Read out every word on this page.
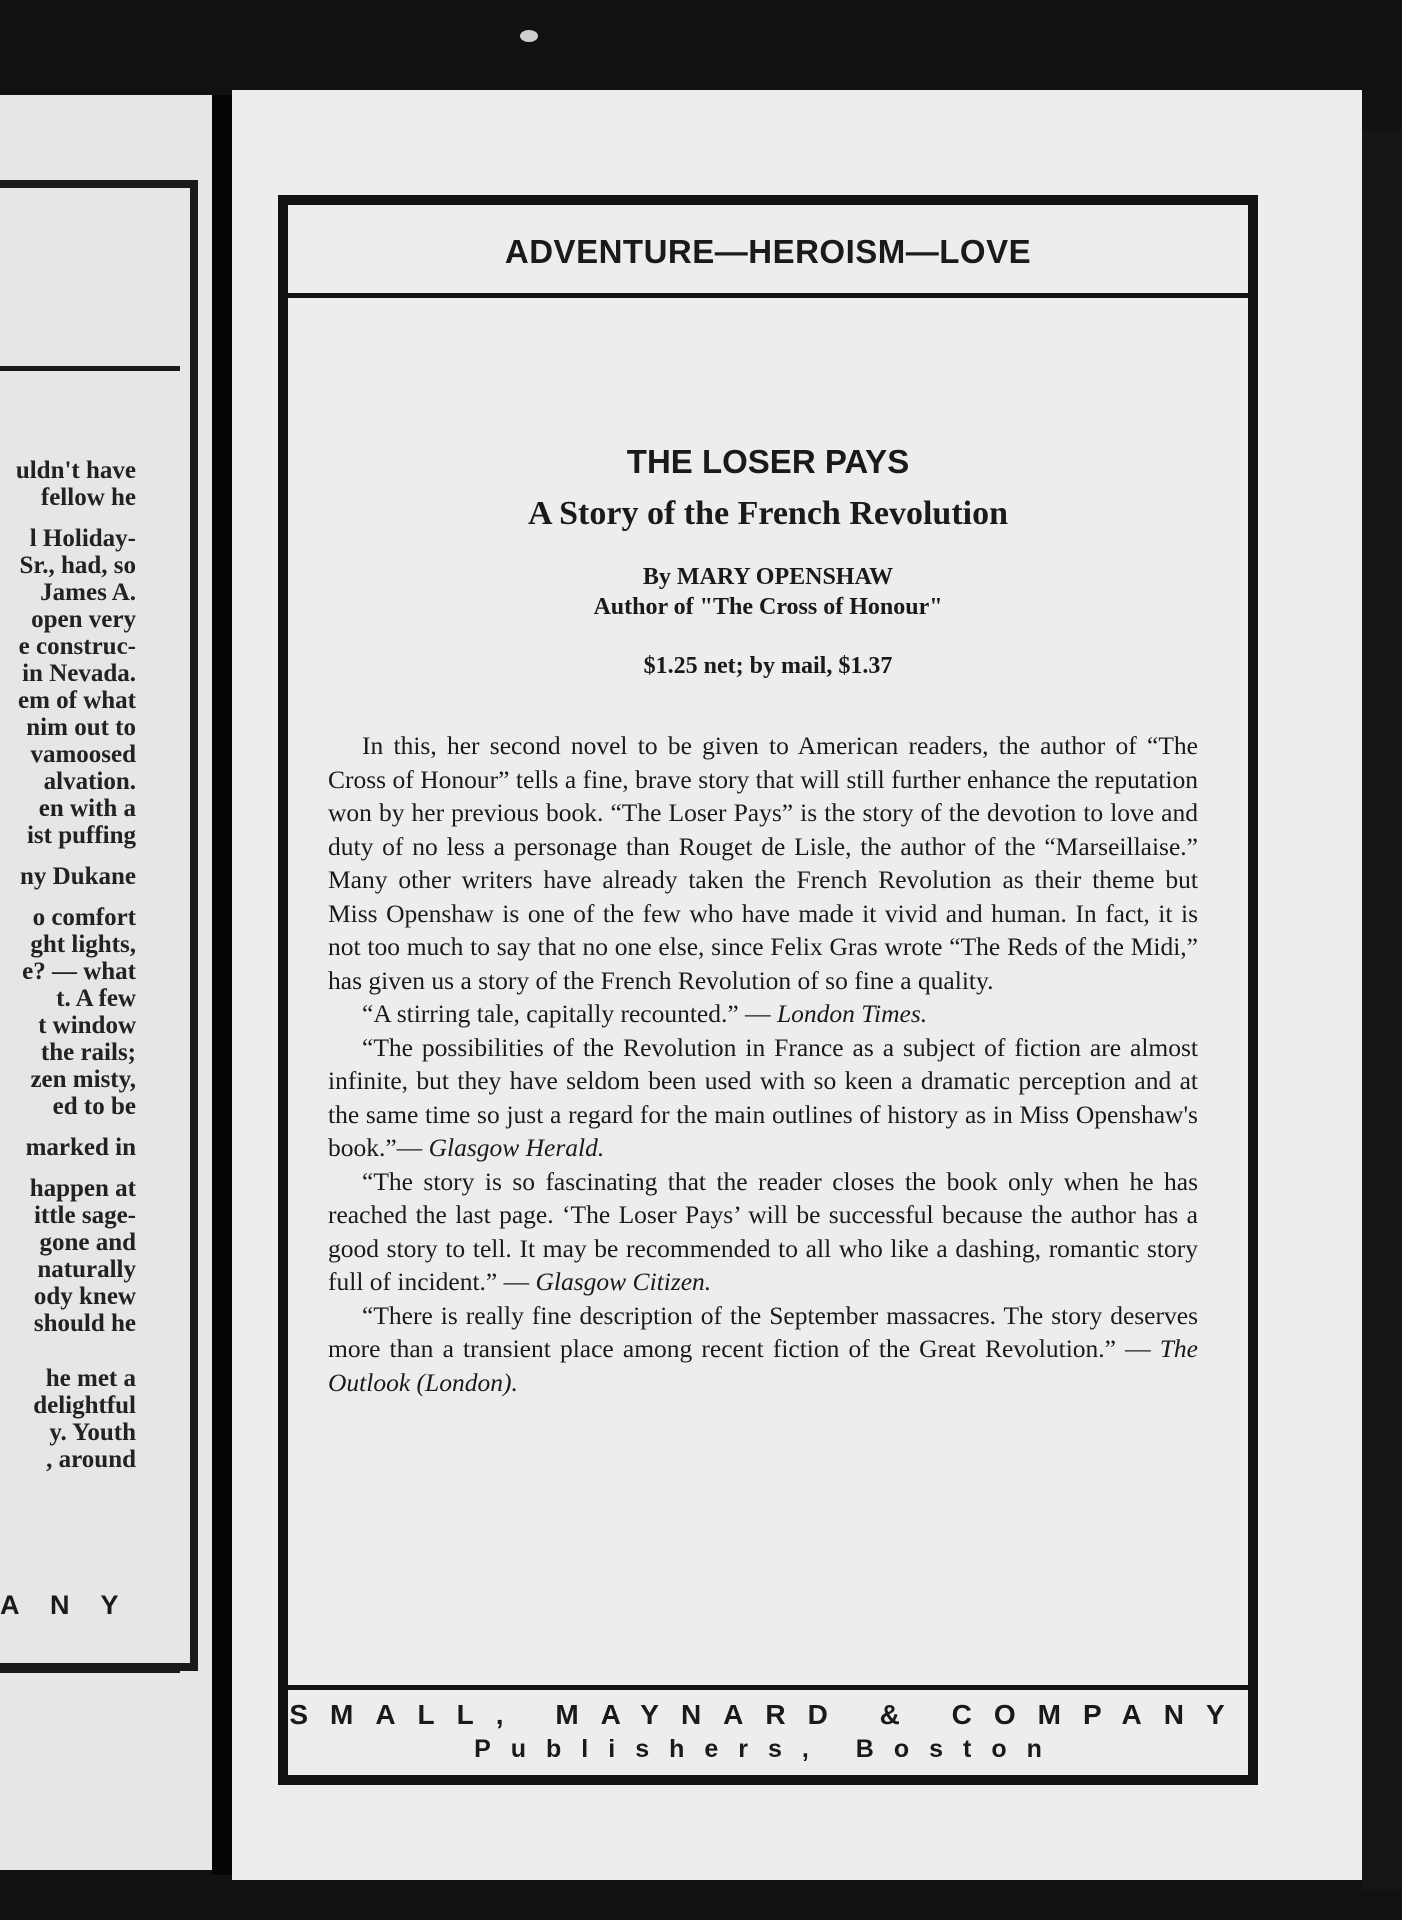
uldn't have
fellow he
l Holiday-
Sr., had, so
James A.
open very
e construc-
in Nevada.
em of what
nim out to
vamoosed
alvation.
en with a
ist puffing
ny Dukane
o comfort
ght lights,
e? — what
t. A few
t window
the rails;
zen misty,
ed to be
marked in
happen at
ittle sage-
gone and
naturally
ody knew
should he
he met a
delightful
y. Youth
, around
A N Y
ADVENTURE—HEROISM—LOVE
THE LOSER PAYS
A Story of the French Revolution
By MARY OPENSHAW
Author of "The Cross of Honour"
$1.25 net; by mail, $1.37

In this, her second novel to be given to American readers, the author of “The Cross of Honour” tells a fine, brave story that will still further enhance the reputation won by her previous book. “The Loser Pays” is the story of the devotion to love and duty of no less a personage than Rouget de Lisle, the author of the “Marseillaise.” Many other writers have already taken the French Revolution as their theme but Miss Openshaw is one of the few who have made it vivid and human. In fact, it is not too much to say that no one else, since Felix Gras wrote “The Reds of the Midi,” has given us a story of the French Revolution of so fine a quality.

“A stirring tale, capitally recounted.” — London Times.

“The possibilities of the Revolution in France as a subject of fiction are almost infinite, but they have seldom been used with so keen a dramatic perception and at the same time so just a regard for the main outlines of history as in Miss Openshaw's book.”— Glasgow Herald.

“The story is so fascinating that the reader closes the book only when he has reached the last page. ‘The Loser Pays’ will be successful because the author has a good story to tell. It may be recommended to all who like a dashing, romantic story full of incident.” — Glasgow Citizen.

“There is really fine description of the September massacres. The story deserves more than a transient place among recent fiction of the Great Revolution.” — The Outlook (London).

SMALL, MAYNARD & COMPANY
Publishers, Boston
